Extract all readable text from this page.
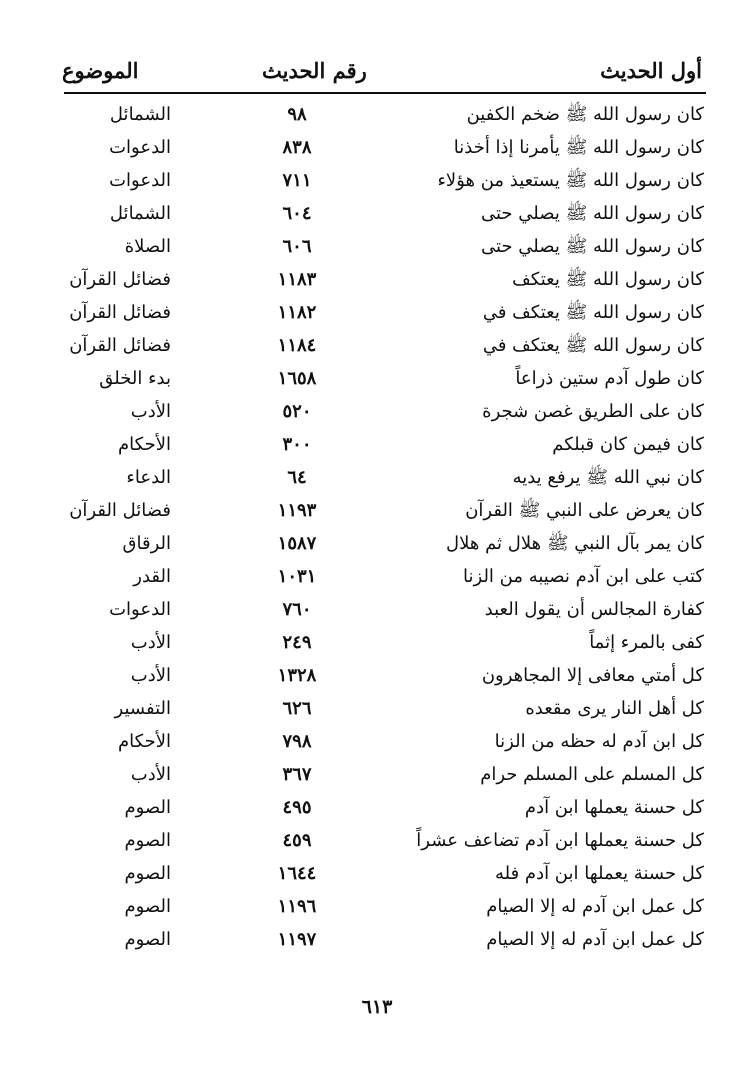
أول الحديث
رقم الحديث
الموضوع
كان رسول الله ﷺ ضخم الكفين
٩٨
الشمائل
كان رسول الله ﷺ يأمرنا إذا أخذنا
٨٣٨
الدعوات
كان رسول الله ﷺ يستعيذ من هؤلاء
٧١١
الدعوات
كان رسول الله ﷺ يصلي حتى
٦٠٤
الشمائل
كان رسول الله ﷺ يصلي حتى
٦٠٦
الصلاة
كان رسول الله ﷺ يعتكف
١١٨٣
فضائل القرآن
كان رسول الله ﷺ يعتكف في
١١٨٢
فضائل القرآن
كان رسول الله ﷺ يعتكف في
١١٨٤
فضائل القرآن
كان طول آدم ستين ذراعاً
١٦٥٨
بدء الخلق
كان على الطريق غصن شجرة
٥٢٠
الأدب
كان فيمن كان قبلكم
٣٠٠
الأحكام
كان نبي الله ﷺ يرفع يديه
٦٤
الدعاء
كان يعرض على النبي ﷺ القرآن
١١٩٣
فضائل القرآن
كان يمر بآل النبي ﷺ هلال ثم هلال
١٥٨٧
الرقاق
كتب على ابن آدم نصيبه من الزنا
١٠٣١
القدر
كفارة المجالس أن يقول العبد
٧٦٠
الدعوات
كفى بالمرء إثماً
٢٤٩
الأدب
كل أمتي معافى إلا المجاهرون
١٣٢٨
الأدب
كل أهل النار يرى مقعده
٦٢٦
التفسير
كل ابن آدم له حظه من الزنا
٧٩٨
الأحكام
كل المسلم على المسلم حرام
٣٦٧
الأدب
كل حسنة يعملها ابن آدم
٤٩٥
الصوم
كل حسنة يعملها ابن آدم تضاعف عشراً
٤٥٩
الصوم
كل حسنة يعملها ابن آدم فله
١٦٤٤
الصوم
كل عمل ابن آدم له إلا الصيام
١١٩٦
الصوم
كل عمل ابن آدم له إلا الصيام
١١٩٧
الصوم
٦١٣
